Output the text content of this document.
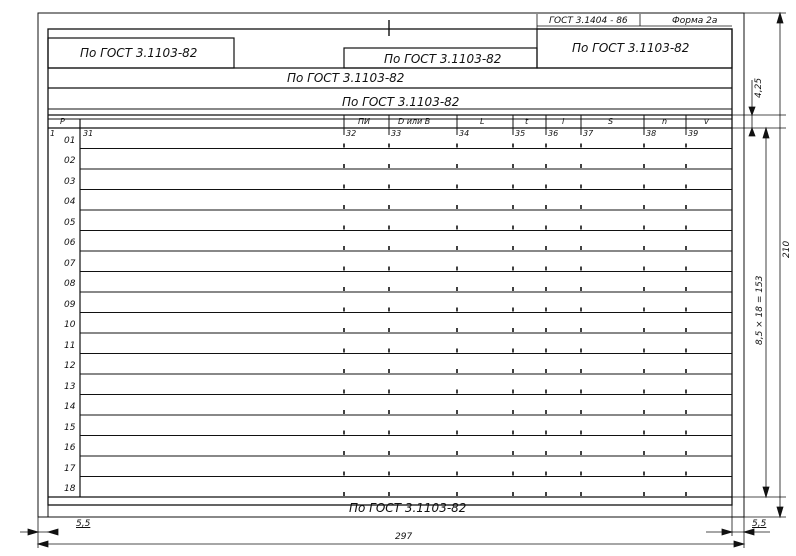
ГОСТ 3.1404 - 86	Форма 2а
По ГОСТ 3.1103-82	По ГОСТ 3.1103-82
По ГОСТ 3.1103-82
По ГОСТ 3.1103-82
По ГОСТ 3.1103-82
По ГОСТ 3.1103-82
Р	ПИ	D или В	L	t	i	S	n	v
1	31	32	33	34	35	36	37	38	39
01
02
03
04
05
06
07
08
09
10
11
12
13
14
15
16
17
18
4,25
8,5 × 18 = 153
210
297
5,5	5,5
